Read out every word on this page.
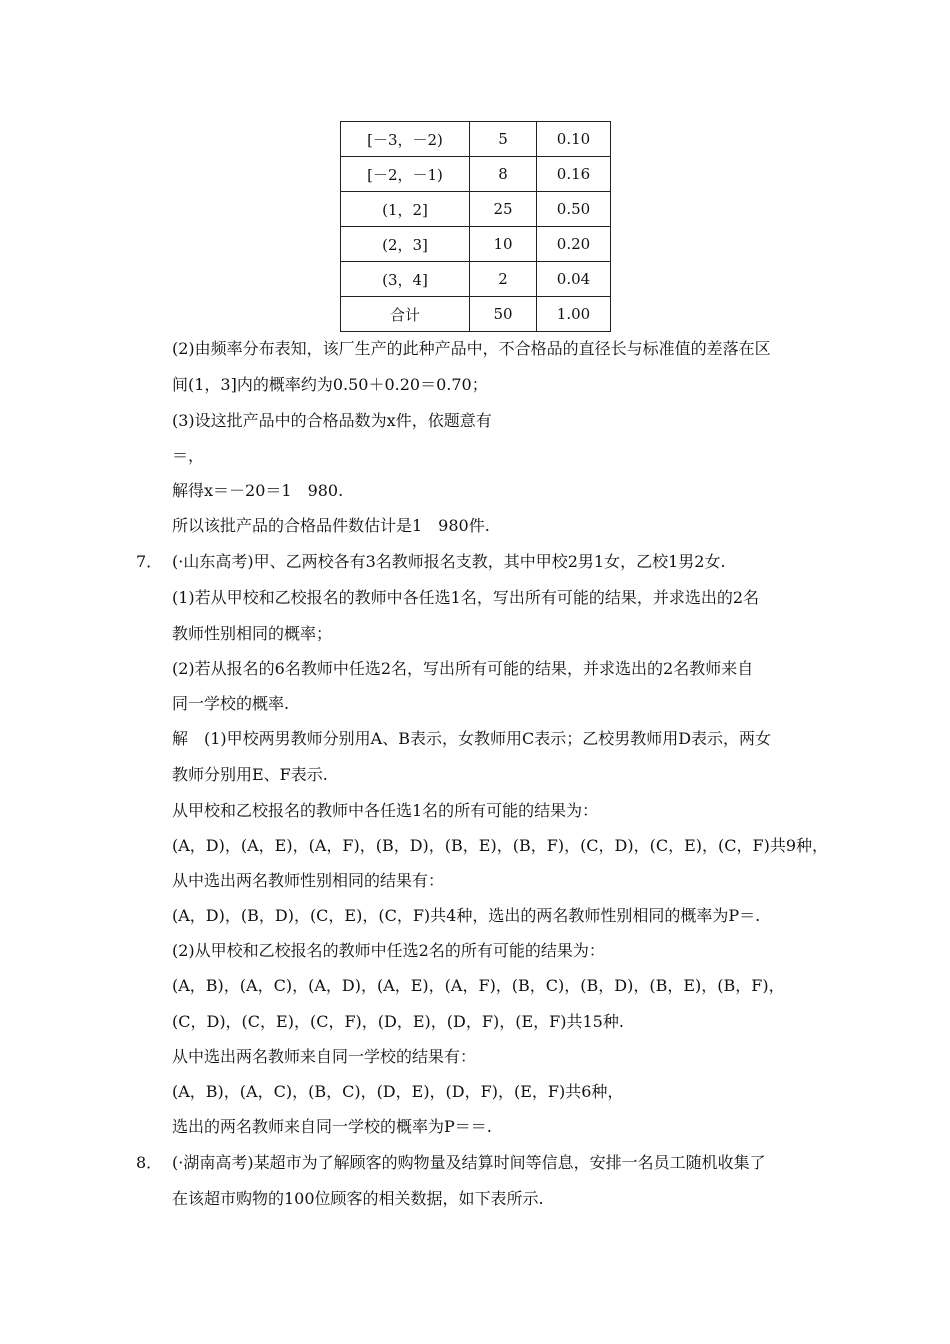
[－3，－2)	5	0.10
[－2，－1)	8	0.16
(1，2]	25	0.50
(2，3]	10	0.20
(3，4]	2	0.04
合计	50	1.00
(2)由频率分布表知，该厂生产的此种产品中，不合格品的直径长与标准值的差落在区
间(1，3]内的概率约为0.50＋0.20＝0.70；
(3)设这批产品中的合格品数为x件，依题意有
＝，
解得x＝－20＝1　980.
所以该批产品的合格品件数估计是1　980件.
7． (·山东高考)甲、乙两校各有3名教师报名支教，其中甲校2男1女，乙校1男2女.
(1)若从甲校和乙校报名的教师中各任选1名，写出所有可能的结果，并求选出的2名
教师性别相同的概率；
(2)若从报名的6名教师中任选2名，写出所有可能的结果，并求选出的2名教师来自
同一学校的概率.
解　(1)甲校两男教师分别用A、B表示，女教师用C表示；乙校男教师用D表示，两女
教师分别用E、F表示.
从甲校和乙校报名的教师中各任选1名的所有可能的结果为：
(A，D)，(A，E)，(A，F)，(B，D)，(B，E)，(B，F)，(C，D)，(C，E)，(C，F)共9种，
从中选出两名教师性别相同的结果有：
(A，D)，(B，D)，(C，E)，(C，F)共4种，选出的两名教师性别相同的概率为P＝.
(2)从甲校和乙校报名的教师中任选2名的所有可能的结果为：
(A，B)，(A，C)，(A，D)，(A，E)，(A，F)，(B，C)，(B，D)，(B，E)，(B，F)，
(C，D)，(C，E)，(C，F)，(D，E)，(D，F)，(E，F)共15种.
从中选出两名教师来自同一学校的结果有：
(A，B)，(A，C)，(B，C)，(D，E)，(D，F)，(E，F)共6种，
选出的两名教师来自同一学校的概率为P＝＝.
8． (·湖南高考)某超市为了解顾客的购物量及结算时间等信息，安排一名员工随机收集了
在该超市购物的100位顾客的相关数据，如下表所示.
